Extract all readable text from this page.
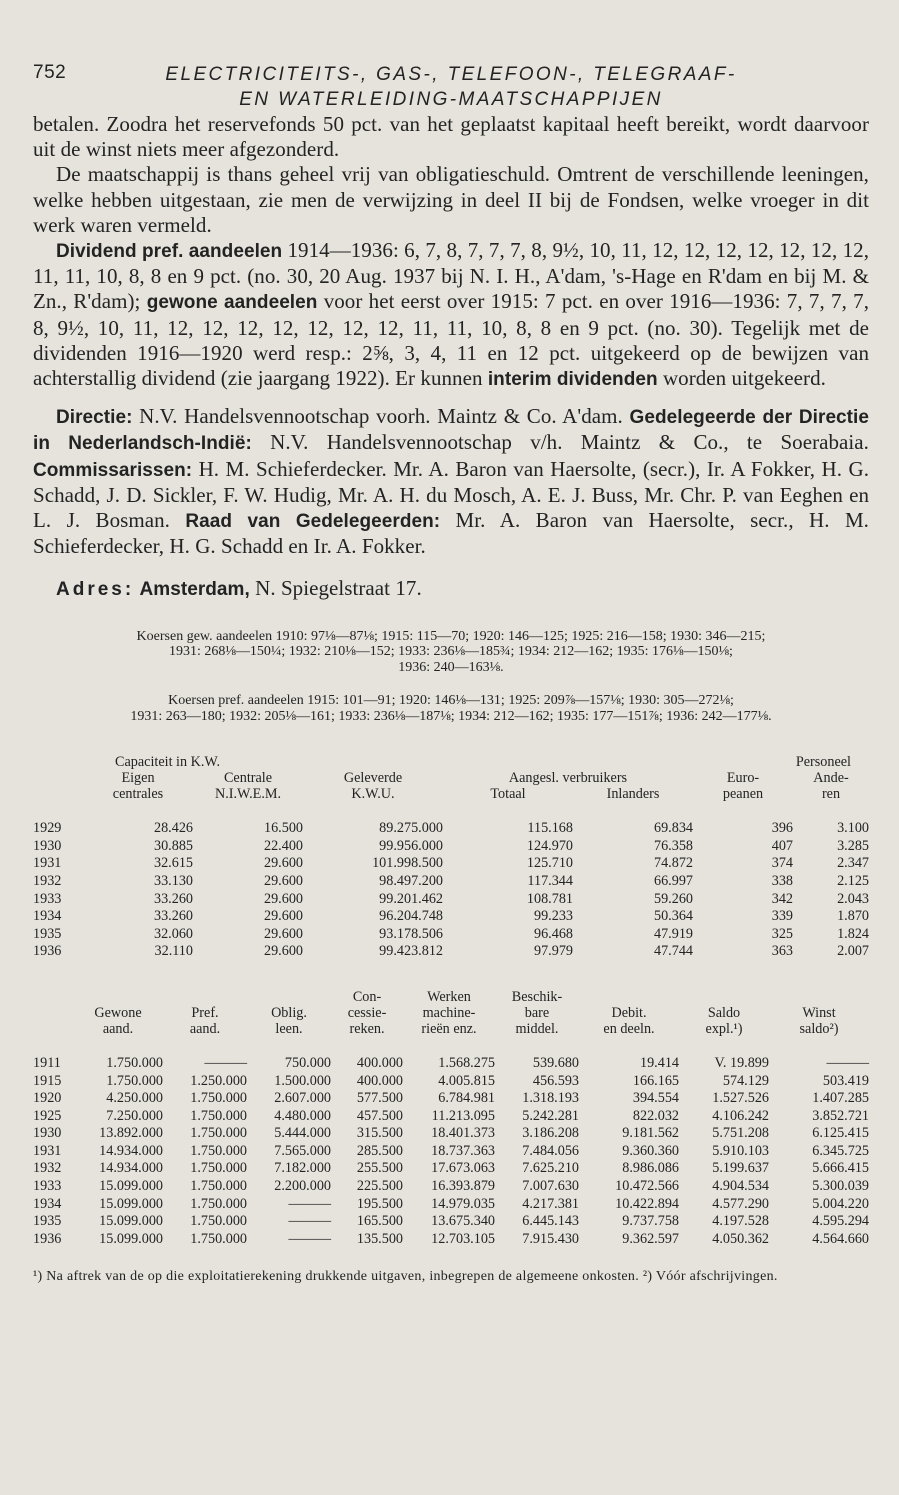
752	ELECTRICITEITS-, GAS-, TELEFOON-, TELEGRAAF-
EN WATERLEIDING-MAATSCHAPPIJEN

betalen. Zoodra het reservefonds 50 pct. van het geplaatst kapitaal heeft bereikt, wordt daarvoor uit de winst niets meer afgezonderd.

De maatschappij is thans geheel vrij van obligatieschuld. Omtrent de verschillende leeningen, welke hebben uitgestaan, zie men de verwijzing in deel II bij de Fondsen, welke vroeger in dit werk waren vermeld.

Dividend pref. aandeelen 1914—1936: 6, 7, 8, 7, 7, 7, 8, 9½, 10, 11, 12, 12, 12, 12, 12, 12, 12, 11, 11, 10, 8, 8 en 9 pct. (no. 30, 20 Aug. 1937 bij N. I. H., A'dam, 's-Hage en R'dam en bij M. & Zn., R'dam); gewone aandeelen voor het eerst over 1915: 7 pct. en over 1916—1936: 7, 7, 7, 7, 8, 9½, 10, 11, 12, 12, 12, 12, 12, 12, 12, 11, 11, 10, 8, 8 en 9 pct. (no. 30). Tegelijk met de dividenden 1916—1920 werd resp.: 2⅝, 3, 4, 11 en 12 pct. uitgekeerd op de bewijzen van achterstallig dividend (zie jaargang 1922). Er kunnen interim dividenden worden uitgekeerd.

Directie: N.V. Handelsvennootschap voorh. Maintz & Co. A'dam. Gedelegeerde der Directie in Nederlandsch-Indië: N.V. Handelsvennootschap v/h. Maintz & Co., te Soerabaia. Commissarissen: H. M. Schieferdecker. Mr. A. Baron van Haersolte, (secr.), Ir. A Fokker, H. G. Schadd, J. D. Sickler, F. W. Hudig, Mr. A. H. du Mosch, A. E. J. Buss, Mr. Chr. P. van Eeghen en L. J. Bosman. Raad van Gedelegeerden: Mr. A. Baron van Haersolte, secr., H. M. Schieferdecker, H. G. Schadd en Ir. A. Fokker.

Adres: Amsterdam, N. Spiegelstraat 17.

Koersen gew. aandeelen 1910: 97⅛—87⅛; 1915: 115—70; 1920: 146—125; 1925: 216—158; 1930: 346—215;

1931: 268⅛—150¼; 1932: 210⅛—152; 1933: 236⅛—185¾; 1934: 212—162; 1935: 176⅛—150⅛;

1936: 240—163⅛.

Koersen pref. aandeelen 1915: 101—91; 1920: 146⅛—131; 1925: 209⅞—157⅛; 1930: 305—272⅛;

1931: 263—180; 1932: 205⅛—161; 1933: 236⅛—187⅛; 1934: 212—162; 1935: 177—151⅞; 1936: 242—177⅛.

	Capaciteit in K.W.					Personeel	
	Eigen	Centrale	Geleverde	Aangesl. verbruikers		Euro-	Ande-
	centrales	N.I.W.E.M.	K.W.U.	Totaal	Inlanders	peanen	ren

1929	28.426	16.500	89.275.000	115.168	69.834	396	3.100
1930	30.885	22.400	99.956.000	124.970	76.358	407	3.285
1931	32.615	29.600	101.998.500	125.710	74.872	374	2.347
1932	33.130	29.600	98.497.200	117.344	66.997	338	2.125
1933	33.260	29.600	99.201.462	108.781	59.260	342	2.043
1934	33.260	29.600	96.204.748	99.233	50.364	339	1.870
1935	32.060	29.600	93.178.506	96.468	47.919	325	1.824
1936	32.110	29.600	99.423.812	97.979	47.744	363	2.007
				Con-	Werken	Beschik-			
	Gewone	Pref.	Oblig.	cessie-	machine-	bare	Debit.	Saldo	Winst
	aand.	aand.	leen.	reken.	rieën enz.	middel.	en deeln.	expl.¹)	saldo²)

1911	1.750.000	———	750.000	400.000	1.568.275	539.680	19.414	V. 19.899	———
1915	1.750.000	1.250.000	1.500.000	400.000	4.005.815	456.593	166.165	574.129	503.419
1920	4.250.000	1.750.000	2.607.000	577.500	6.784.981	1.318.193	394.554	1.527.526	1.407.285
1925	7.250.000	1.750.000	4.480.000	457.500	11.213.095	5.242.281	822.032	4.106.242	3.852.721
1930	13.892.000	1.750.000	5.444.000	315.500	18.401.373	3.186.208	9.181.562	5.751.208	6.125.415
1931	14.934.000	1.750.000	7.565.000	285.500	18.737.363	7.484.056	9.360.360	5.910.103	6.345.725
1932	14.934.000	1.750.000	7.182.000	255.500	17.673.063	7.625.210	8.986.086	5.199.637	5.666.415
1933	15.099.000	1.750.000	2.200.000	225.500	16.393.879	7.007.630	10.472.566	4.904.534	5.300.039
1934	15.099.000	1.750.000	———	195.500	14.979.035	4.217.381	10.422.894	4.577.290	5.004.220
1935	15.099.000	1.750.000	———	165.500	13.675.340	6.445.143	9.737.758	4.197.528	4.595.294
1936	15.099.000	1.750.000	———	135.500	12.703.105	7.915.430	9.362.597	4.050.362	4.564.660

¹) Na aftrek van de op die exploitatierekening drukkende uitgaven, inbegrepen de algemeene onkosten. ²) Vóór afschrijvingen.
